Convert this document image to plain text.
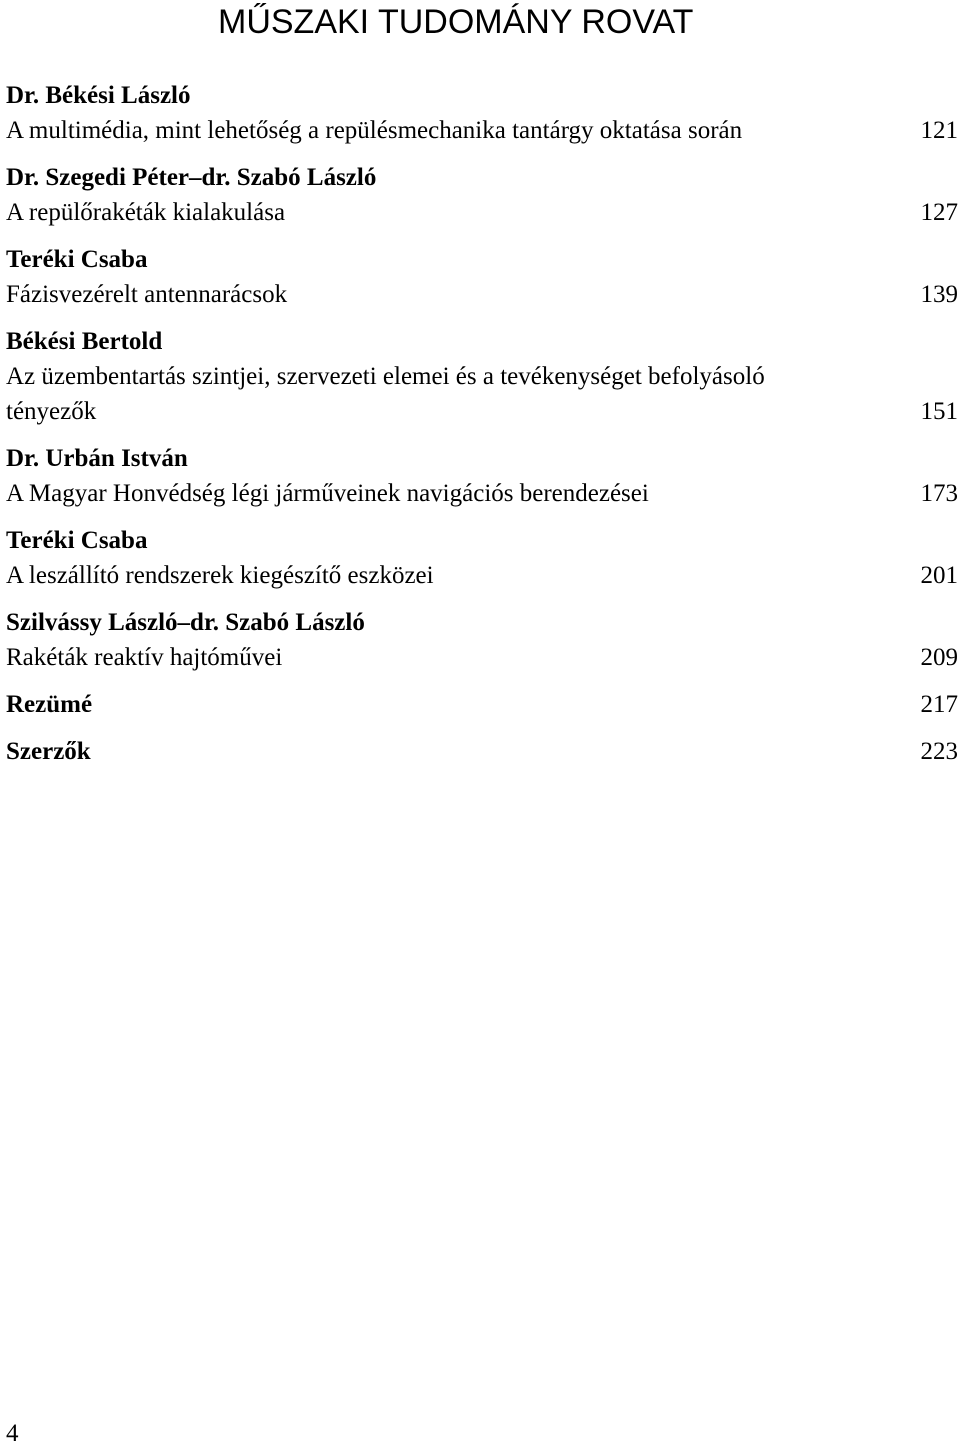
MŰSZAKI TUDOMÁNY ROVAT
Dr. Békési László
A multimédia, mint lehetőség a repülésmechanika tantárgy oktatása során	121
Dr. Szegedi Péter–dr. Szabó László
A repülőrakéták kialakulása	127
Teréki Csaba
Fázisvezérelt antennarácsok	139
Békési Bertold
Az üzembentartás szintjei, szervezeti elemei és a tevékenységet befolyásoló tényezők	151
Dr. Urbán István
A Magyar Honvédség légi járműveinek navigációs berendezései	173
Teréki Csaba
A leszállító rendszerek kiegészítő eszközei	201
Szilvássy László–dr. Szabó László
Rakéták reaktív hajtóművei	209
Rezümé	217
Szerzők	223
4
